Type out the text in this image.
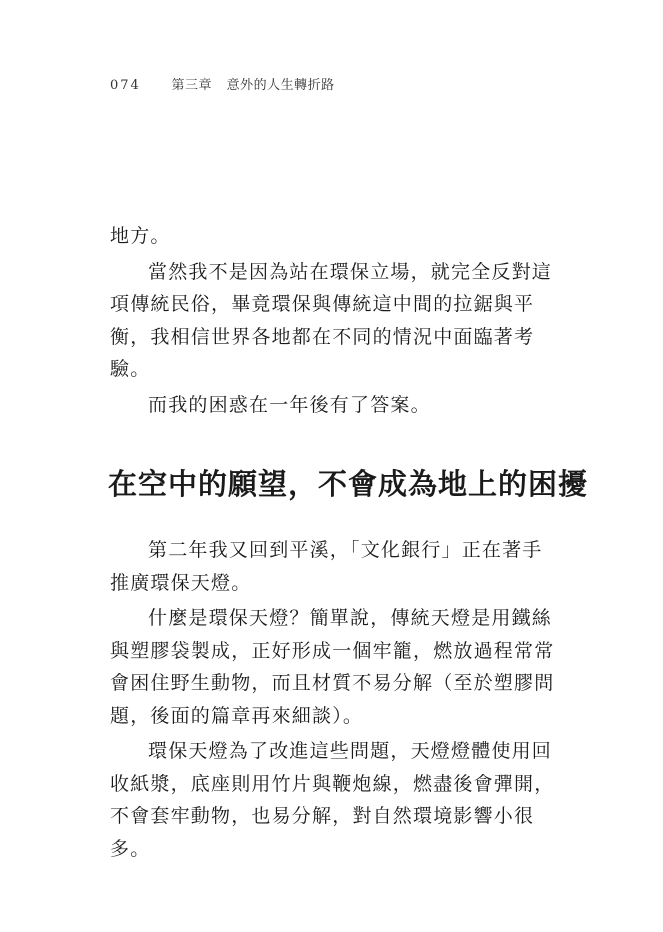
074 第三章 意外的人生轉折路

地方。

當然我不是因為站在環保立場，就完全反對這項傳統民俗，畢竟環保與傳統這中間的拉鋸與平衡，我相信世界各地都在不同的情況中面臨著考驗。

而我的困惑在一年後有了答案。

在空中的願望，不會成為地上的困擾

第二年我又回到平溪，「文化銀行」正在著手推廣環保天燈。

什麼是環保天燈？簡單說，傳統天燈是用鐵絲與塑膠袋製成，正好形成一個牢籠，燃放過程常常會困住野生動物，而且材質不易分解（至於塑膠問題，後面的篇章再來細談）。

環保天燈為了改進這些問題，天燈燈體使用回收紙漿，底座則用竹片與鞭炮線，燃盡後會彈開，不會套牢動物，也易分解，對自然環境影響小很多。
